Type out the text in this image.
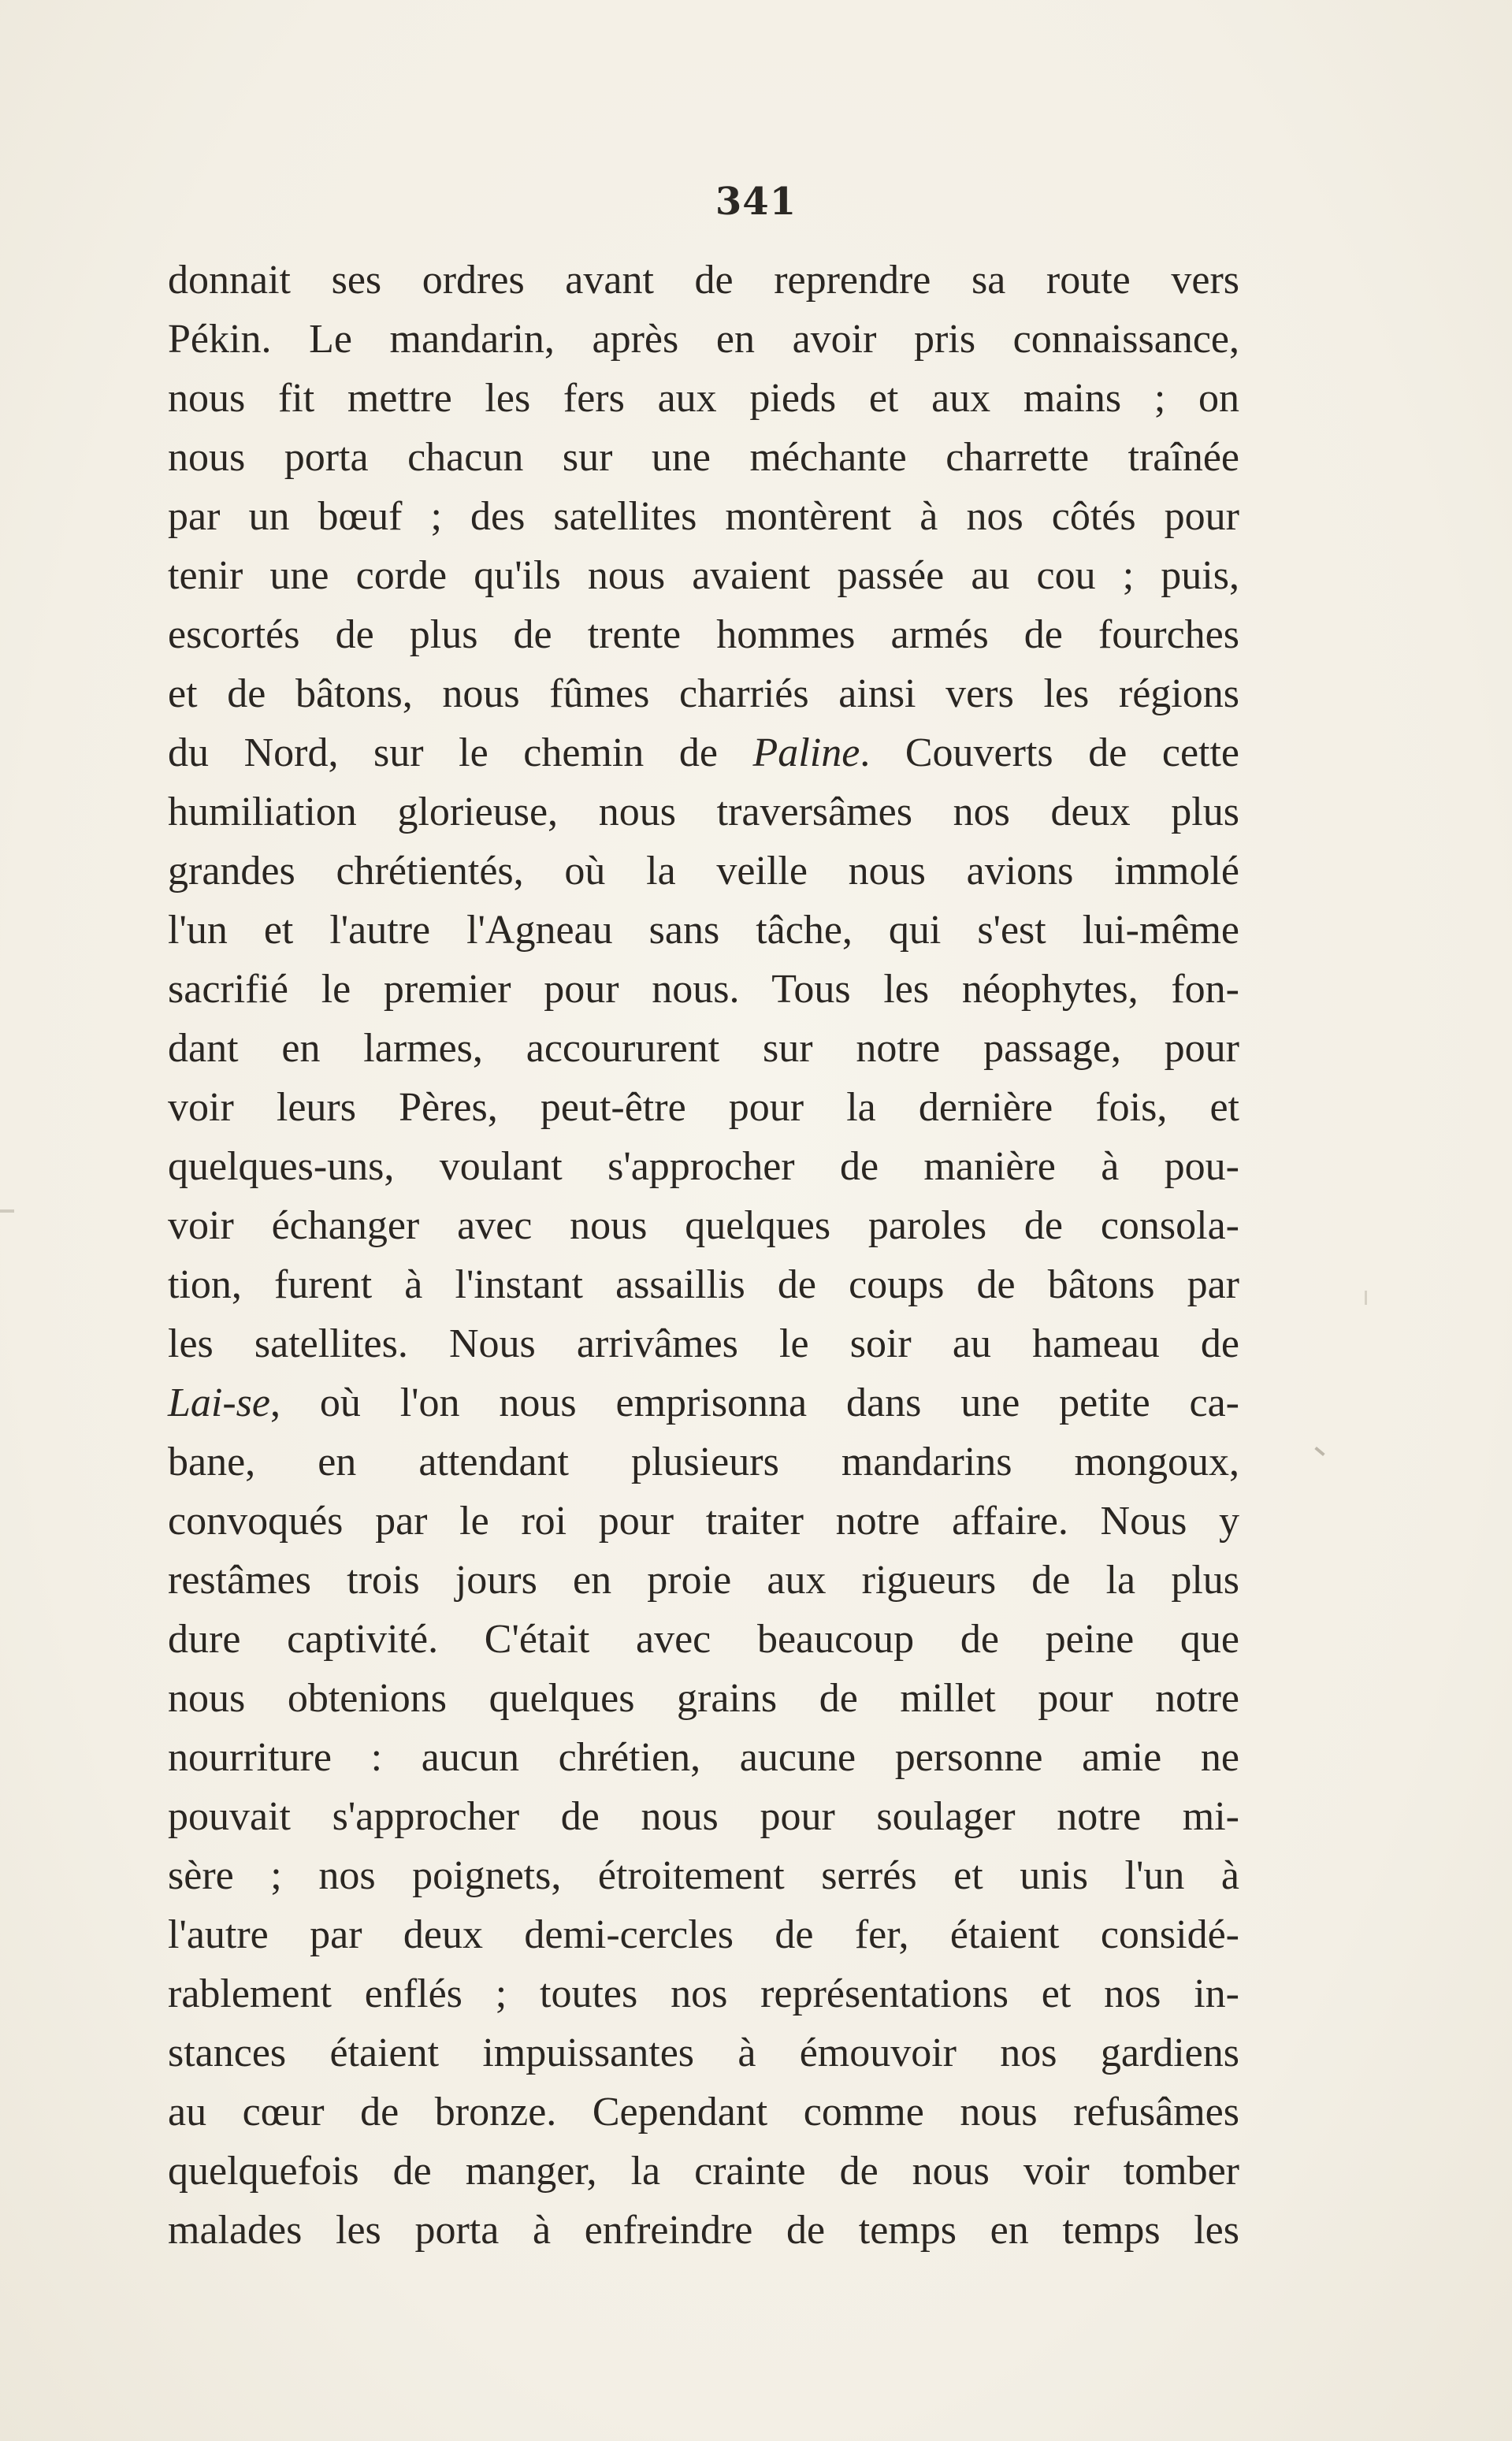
341
donnait ses ordres avant de reprendre sa route vers
Pékin. Le mandarin, après en avoir pris connaissance,
nous fit mettre les fers aux pieds et aux mains ; on
nous porta chacun sur une méchante charrette traînée
par un bœuf ; des satellites montèrent à nos côtés pour
tenir une corde qu'ils nous avaient passée au cou ; puis,
escortés de plus de trente hommes armés de fourches
et de bâtons, nous fûmes charriés ainsi vers les régions
du Nord, sur le chemin de Paline. Couverts de cette
humiliation glorieuse, nous traversâmes nos deux plus
grandes chrétientés, où la veille nous avions immolé
l'un et l'autre l'Agneau sans tâche, qui s'est lui-même
sacrifié le premier pour nous. Tous les néophytes, fon-
dant en larmes, accoururent sur notre passage, pour
voir leurs Pères, peut-être pour la dernière fois, et
quelques-uns, voulant s'approcher de manière à pou-
voir échanger avec nous quelques paroles de consola-
tion, furent à l'instant assaillis de coups de bâtons par
les satellites. Nous arrivâmes le soir au hameau de
Lai-se, où l'on nous emprisonna dans une petite ca-
bane, en attendant plusieurs mandarins mongoux,
convoqués par le roi pour traiter notre affaire. Nous y
restâmes trois jours en proie aux rigueurs de la plus
dure captivité. C'était avec beaucoup de peine que
nous obtenions quelques grains de millet pour notre
nourriture : aucun chrétien, aucune personne amie ne
pouvait s'approcher de nous pour soulager notre mi-
sère ; nos poignets, étroitement serrés et unis l'un à
l'autre par deux demi-cercles de fer, étaient considé-
rablement enflés ; toutes nos représentations et nos in-
stances étaient impuissantes à émouvoir nos gardiens
au cœur de bronze. Cependant comme nous refusâmes
quelquefois de manger, la crainte de nous voir tomber
malades les porta à enfreindre de temps en temps les
